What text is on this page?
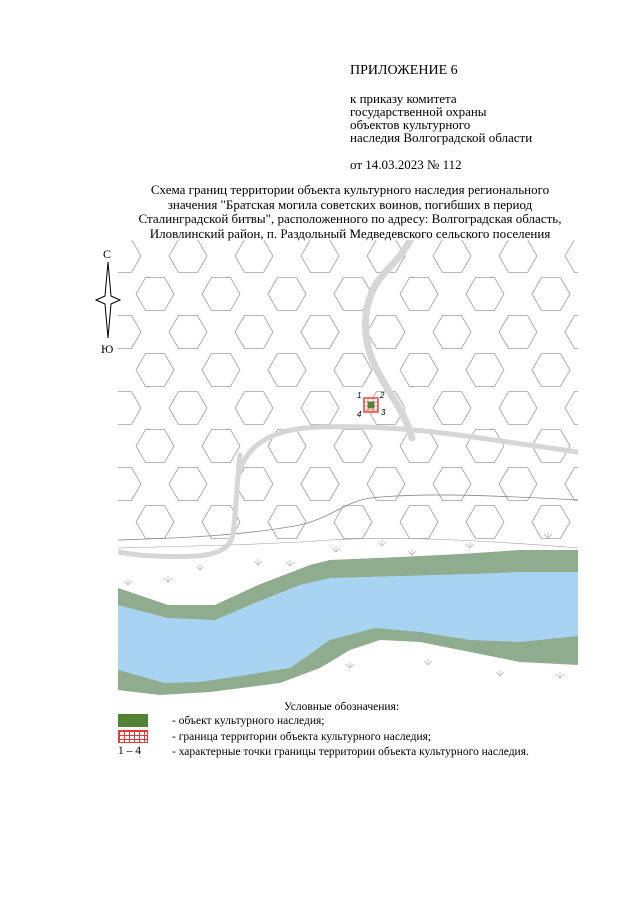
1 2
3
4
С
Ю
ПРИЛОЖЕНИЕ 6
к приказу комитета
государственной охраны
объектов культурного
наследия Волгоградской области
от 14.03.2023 № 112
Схема границ территории объекта культурного наследия регионального
значения "Братская могила советских воинов, погибших в период
Сталинградской битвы", расположенного по адресу: Волгоградская область,
Иловлинский район, п. Раздольный Медведевского сельского поселения
Условные обозначения:
- объект культурного наследия;
- граница территории объекта культурного наследия;
1 – 4	- характерные точки границы территории объекта культурного наследия.
